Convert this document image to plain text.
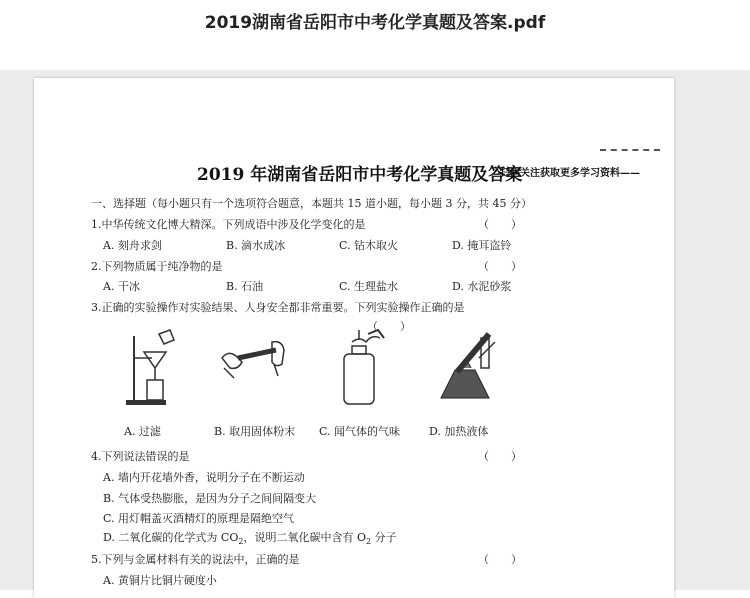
2019湖南省岳阳市中考化学真题及答案.pdf
2019 年湖南省岳阳市中考化学真题及答案
扫码关注获取更多学习资料——
一、选择题（每小题只有一个选项符合题意，本题共 15 道小题，每小题 3 分，共 45 分）
1.中华传统文化博大精深。下列成语中涉及化学变化的是	（　　）
A. 刻舟求剑	B. 滴水成冰	C. 钻木取火	D. 掩耳盗铃
2.下列物质属于纯净物的是	（　　）
A. 干冰	B. 石油	C. 生理盐水	D. 水泥砂浆
3.正确的实验操作对实验结果、人身安全都非常重要。下列实验操作正确的是
（　　）
A. 过滤	B. 取用固体粉末 C. 闻气体的气味	D. 加热液体
4.下列说法错误的是	（　　）
A. 墙内开花墙外香，说明分子在不断运动
B. 气体受热膨胀，是因为分子之间间隔变大
C. 用灯帽盖灭酒精灯的原理是隔绝空气
D. 二氧化碳的化学式为 $CO_2$，说明二氧化碳中含有 $O_2$ 分子
5.下列与金属材料有关的说法中，正确的是	（　　）
A. 黄铜片比铜片硬度小
